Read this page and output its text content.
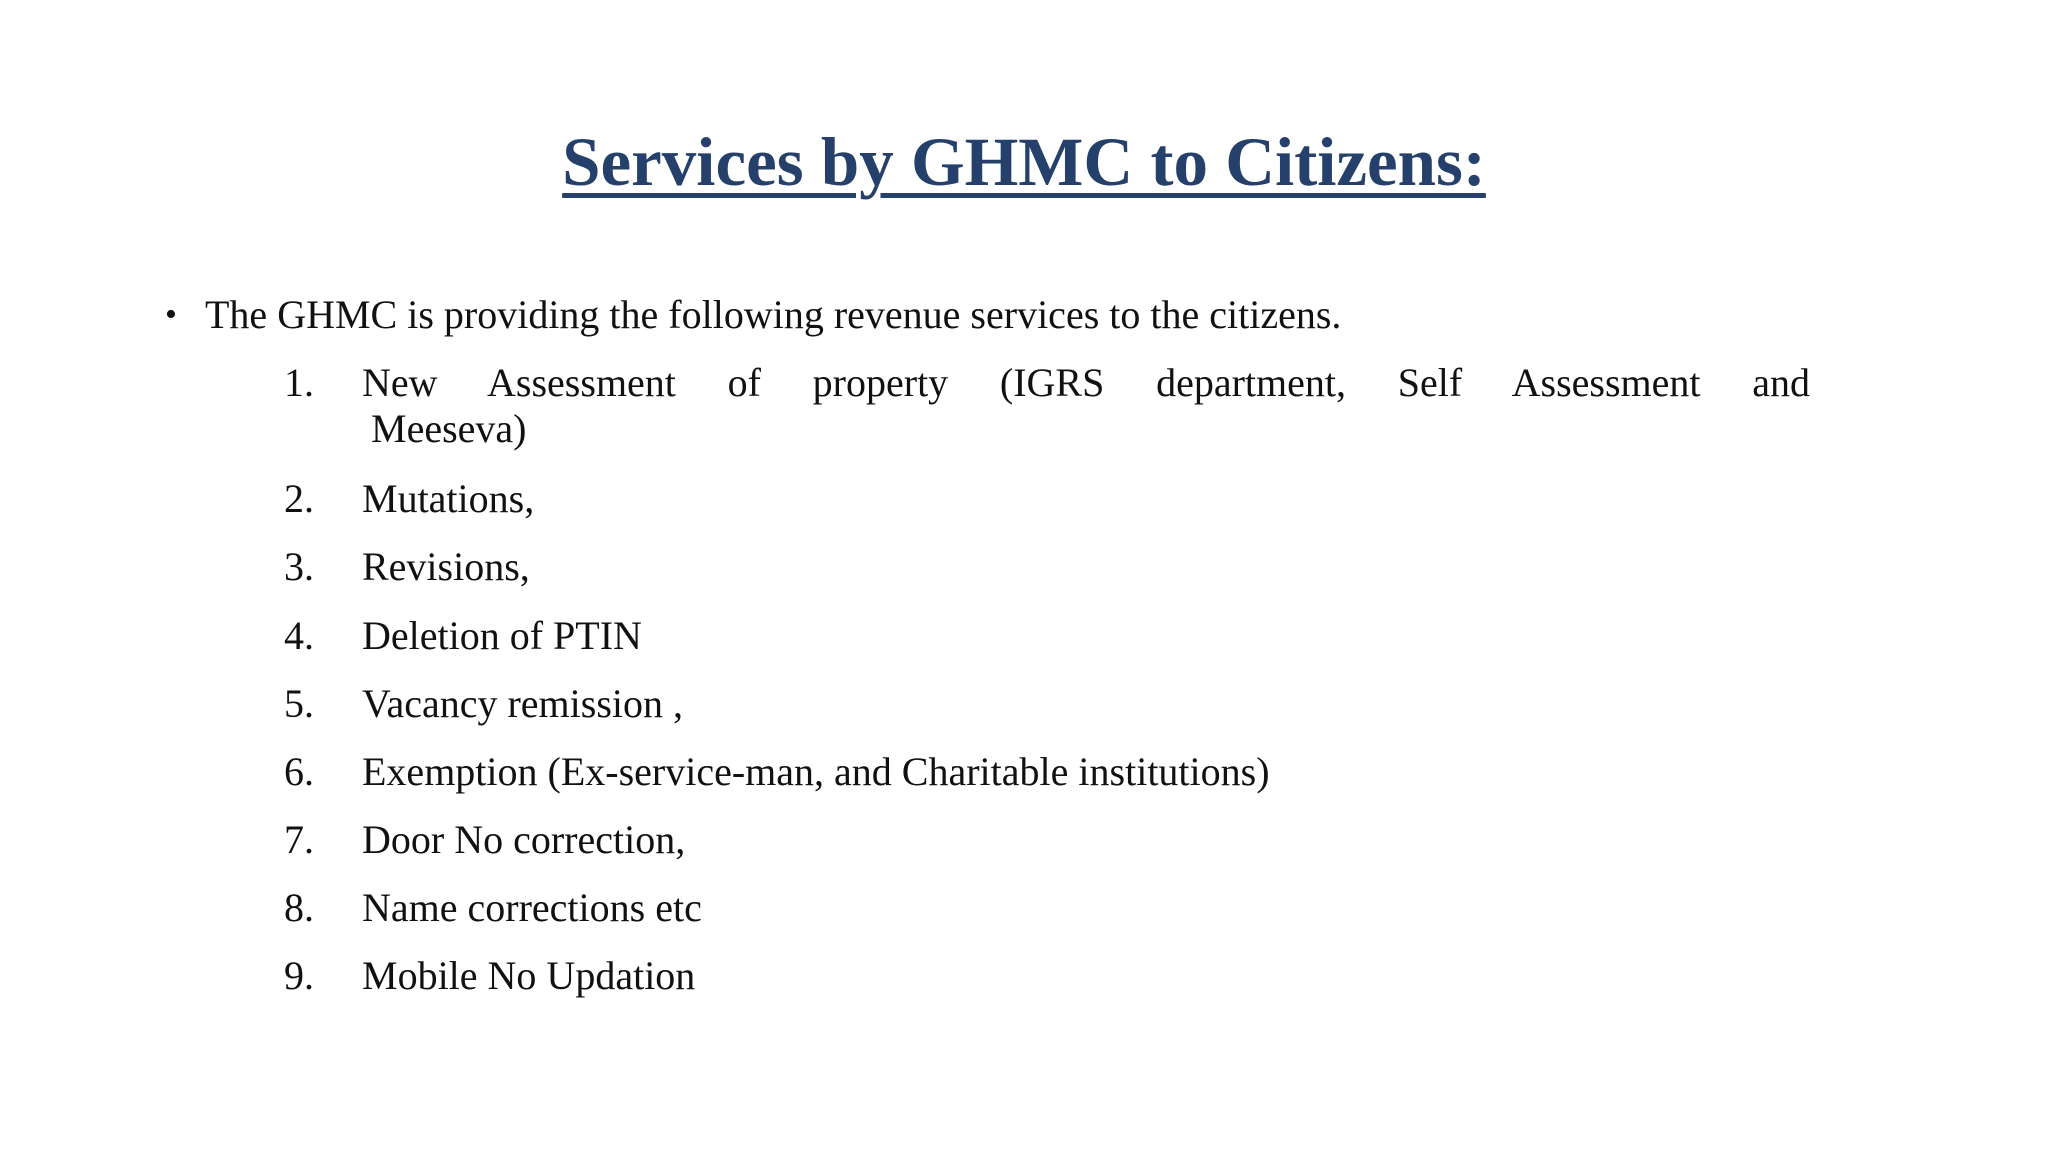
Services by GHMC to Citizens:
• The GHMC is providing the following revenue services to the citizens.
1.	New Assessment of property (IGRS department, Self Assessment and
Meeseva)
2.	Mutations,
3.	Revisions,
4.	Deletion of PTIN
5.	Vacancy remission ,
6.	Exemption (Ex-service-man, and Charitable institutions)
7.	Door No correction,
8.	Name corrections etc
9.	Mobile No Updation
